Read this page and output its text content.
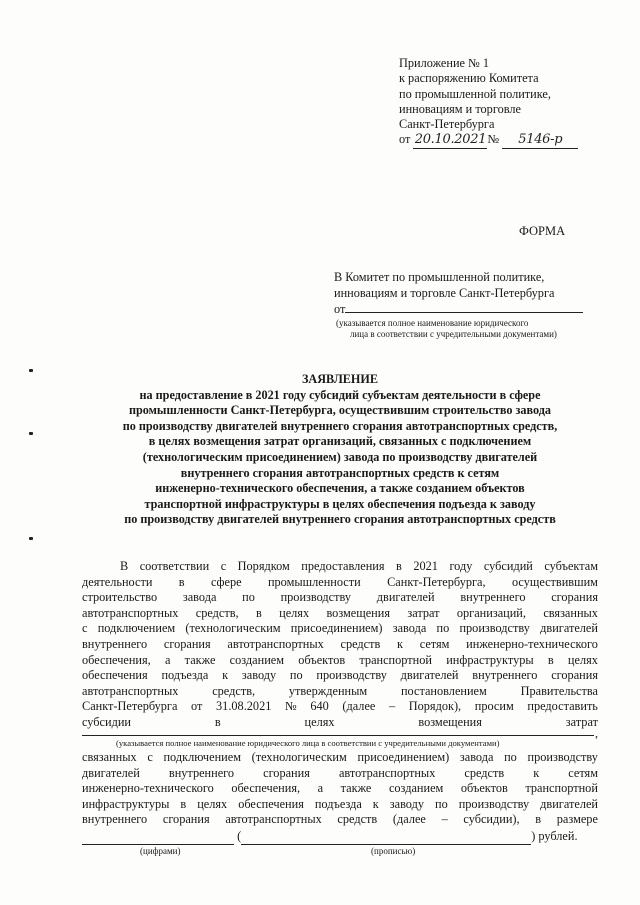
Приложение № 1
к распоряжению Комитета
по промышленной политике,
инновациям и торговле
Санкт-Петербурга
от 20.10.2021№ 5146-р
ФОРМА
В Комитет по промышленной политике,
инновациям и торговле Санкт-Петербурга
от
(указывается полное наименование юридического
лица в соответствии с учредительными документами)
ЗАЯВЛЕНИЕ
на предоставление в 2021 году субсидий субъектам деятельности в сфере
промышленности Санкт-Петербурга, осуществившим строительство завода
по производству двигателей внутреннего сгорания автотранспортных средств,
в целях возмещения затрат организаций, связанных с подключением
(технологическим присоединением) завода по производству двигателей
внутреннего сгорания автотранспортных средств к сетям
инженерно-технического обеспечения, а также созданием объектов
транспортной инфраструктуры в целях обеспечения подъезда к заводу
по производству двигателей внутреннего сгорания автотранспортных средств
В соответствии с Порядком предоставления в 2021 году субсидий субъектам
деятельности в сфере промышленности Санкт-Петербурга, осуществившим
строительство завода по производству двигателей внутреннего сгорания
автотранспортных средств, в целях возмещения затрат организаций, связанных
с подключением (технологическим присоединением) завода по производству двигателей
внутреннего сгорания автотранспортных средств к сетям инженерно-технического
обеспечения, а также созданием объектов транспортной инфраструктуры в целях
обеспечения подъезда к заводу по производству двигателей внутреннего сгорания
автотранспортных	средств,	утвержденным	постановлением	Правительства
Санкт-Петербурга от 31.08.2021 № 640 (далее – Порядок), просим предоставить
субсидии	в	целях	возмещения	затрат
,
(указывается полное наименование юридического лица в соответствии с учредительными документами)
связанных с подключением (технологическим присоединением) завода по производству
двигателей внутреннего сгорания автотранспортных средств к сетям
инженерно-технического обеспечения, а также созданием объектов транспортной
инфраструктуры в целях обеспечения подъезда к заводу по производству двигателей
внутреннего сгорания автотранспортных средств (далее – субсидии), в размере
(	) рублей.
(цифрами)	(прописью)
